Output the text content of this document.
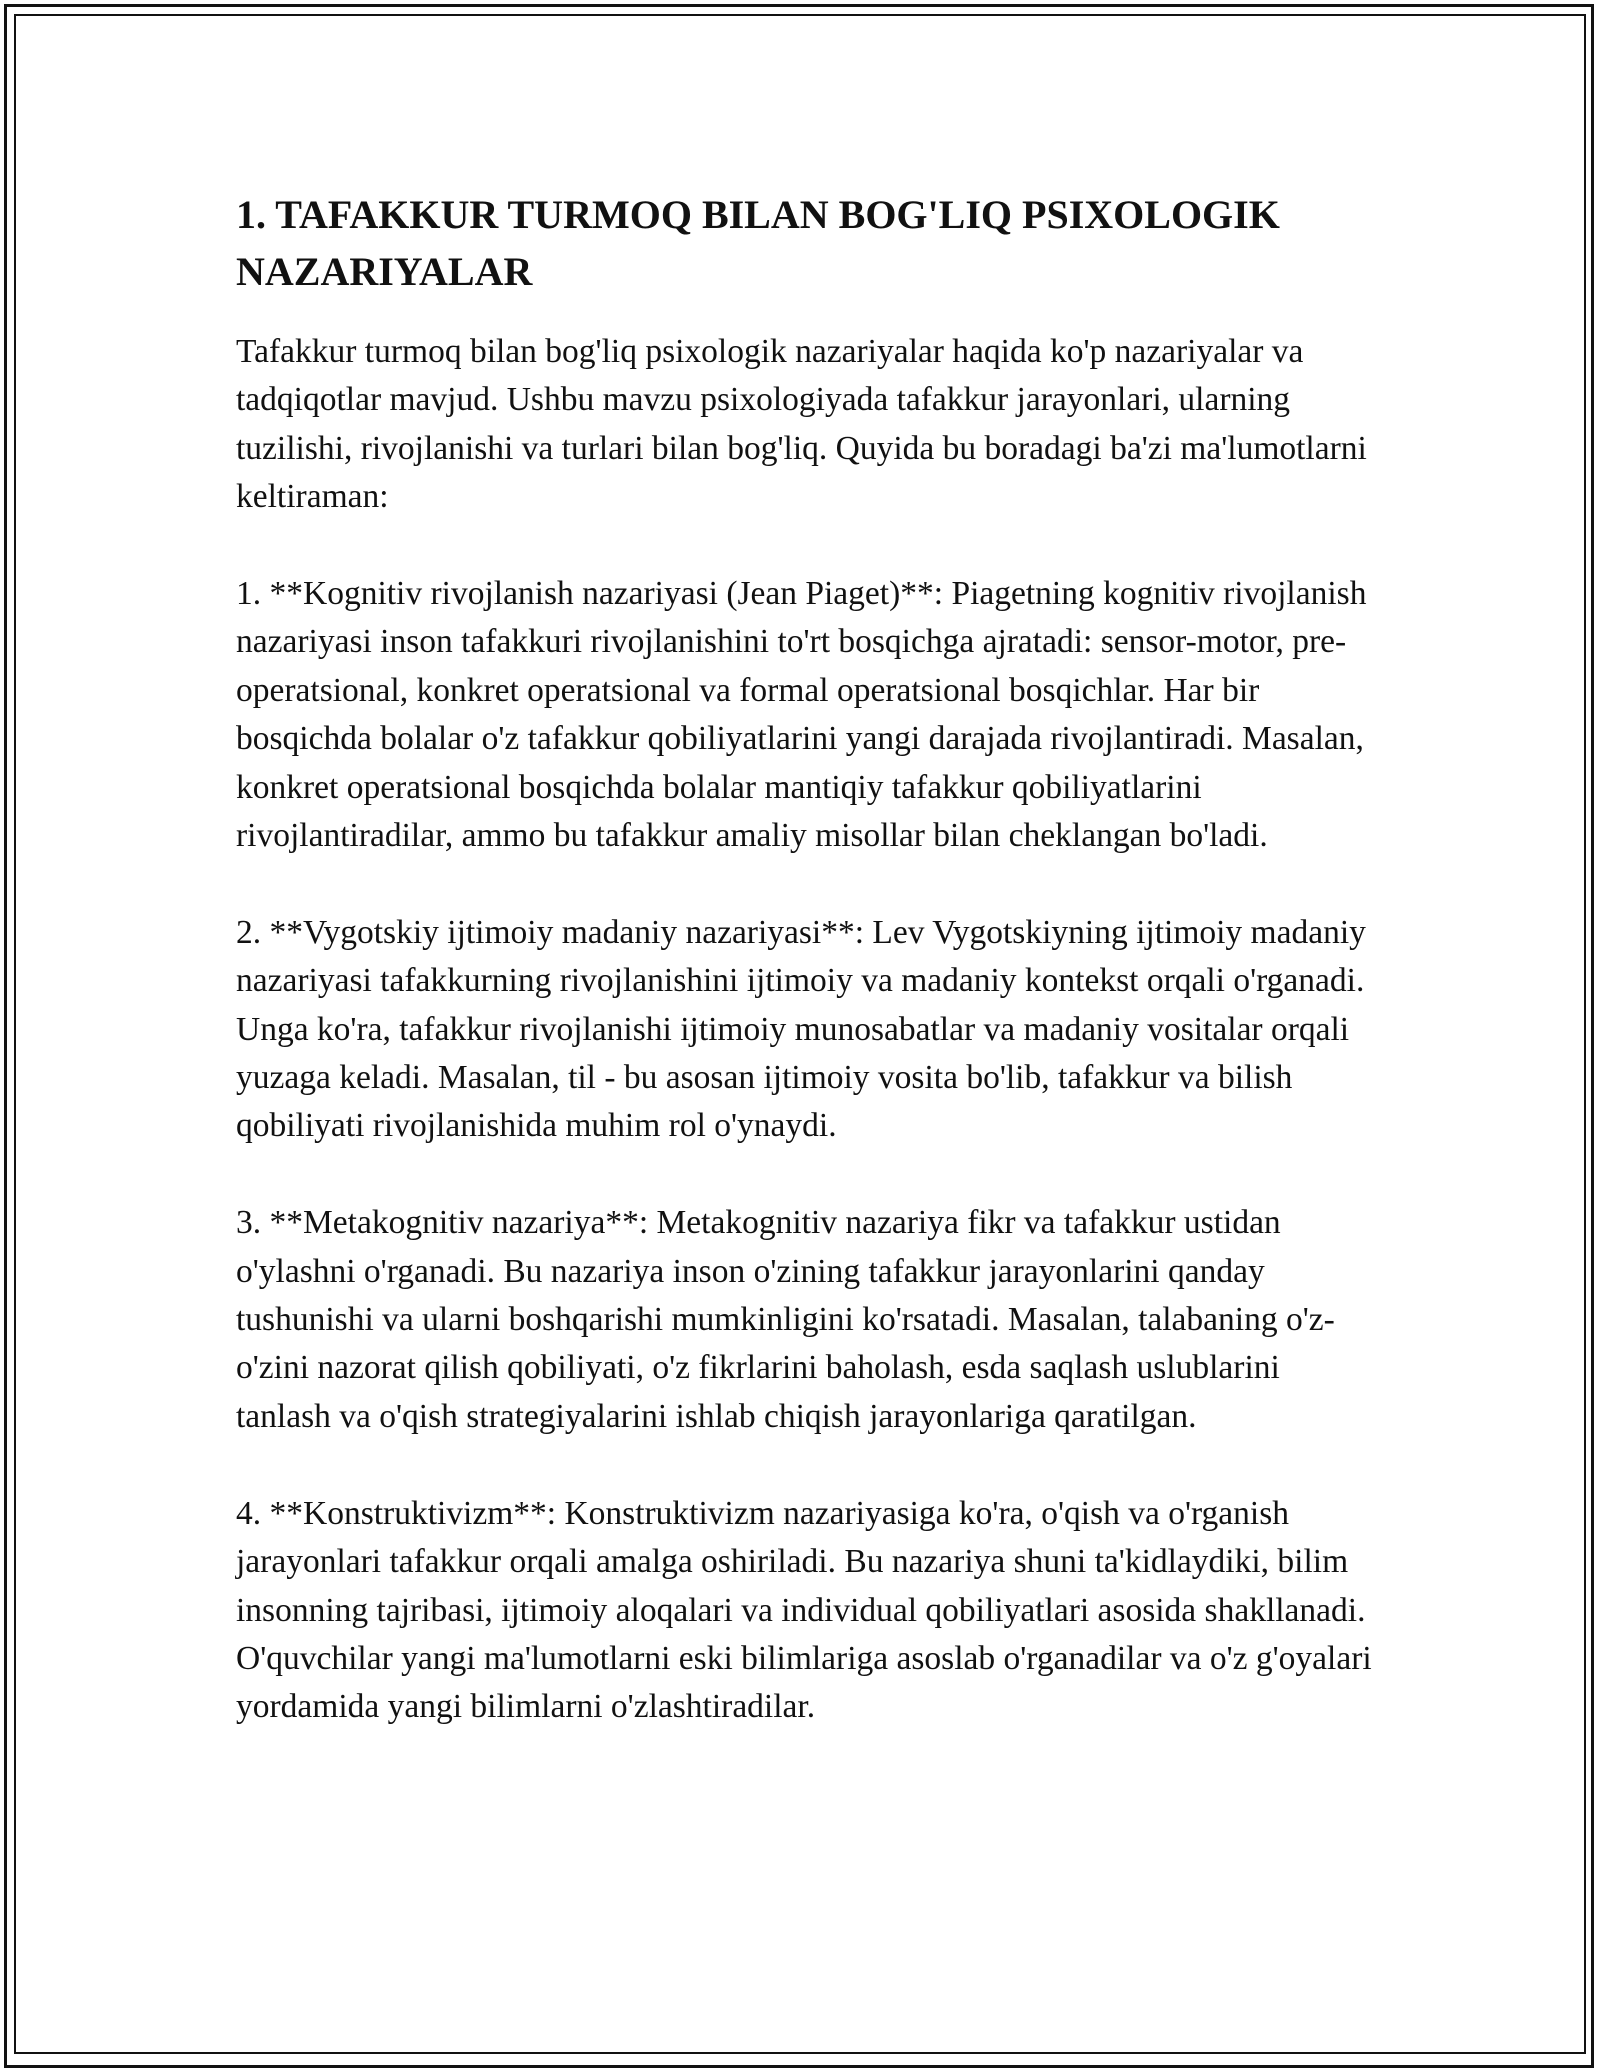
1. TAFAKKUR TURMOQ BILAN BOG'LIQ PSIXOLOGIK NAZARIYALAR

Tafakkur turmoq bilan bog'liq psixologik nazariyalar haqida ko'p nazariyalar va tadqiqotlar mavjud. Ushbu mavzu psixologiyada tafakkur jarayonlari, ularning tuzilishi, rivojlanishi va turlari bilan bog'liq. Quyida bu boradagi ba'zi ma'lumotlarni keltiraman:

1. **Kognitiv rivojlanish nazariyasi (Jean Piaget)**: Piagetning kognitiv rivojlanish nazariyasi inson tafakkuri rivojlanishini to'rt bosqichga ajratadi: sensor-motor, pre-operatsional, konkret operatsional va formal operatsional bosqichlar. Har bir bosqichda bolalar o'z tafakkur qobiliyatlarini yangi darajada rivojlantiradi. Masalan, konkret operatsional bosqichda bolalar mantiqiy tafakkur qobiliyatlarini rivojlantiradilar, ammo bu tafakkur amaliy misollar bilan cheklangan bo'ladi.

2. **Vygotskiy ijtimoiy madaniy nazariyasi**: Lev Vygotskiyning ijtimoiy madaniy nazariyasi tafakkurning rivojlanishini ijtimoiy va madaniy kontekst orqali o'rganadi. Unga ko'ra, tafakkur rivojlanishi ijtimoiy munosabatlar va madaniy vositalar orqali yuzaga keladi. Masalan, til - bu asosan ijtimoiy vosita bo'lib, tafakkur va bilish qobiliyati rivojlanishida muhim rol o'ynaydi.

3. **Metakognitiv nazariya**: Metakognitiv nazariya fikr va tafakkur ustidan o'ylashni o'rganadi. Bu nazariya inson o'zining tafakkur jarayonlarini qanday tushunishi va ularni boshqarishi mumkinligini ko'rsatadi. Masalan, talabaning o'z-o'zini nazorat qilish qobiliyati, o'z fikrlarini baholash, esda saqlash uslublarini tanlash va o'qish strategiyalarini ishlab chiqish jarayonlariga qaratilgan.

4. **Konstruktivizm**: Konstruktivizm nazariyasiga ko'ra, o'qish va o'rganish jarayonlari tafakkur orqali amalga oshiriladi. Bu nazariya shuni ta'kidlaydiki, bilim insonning tajribasi, ijtimoiy aloqalari va individual qobiliyatlari asosida shakllanadi. O'quvchilar yangi ma'lumotlarni eski bilimlariga asoslab o'rganadilar va o'z g'oyalari yordamida yangi bilimlarni o'zlashtiradilar.
